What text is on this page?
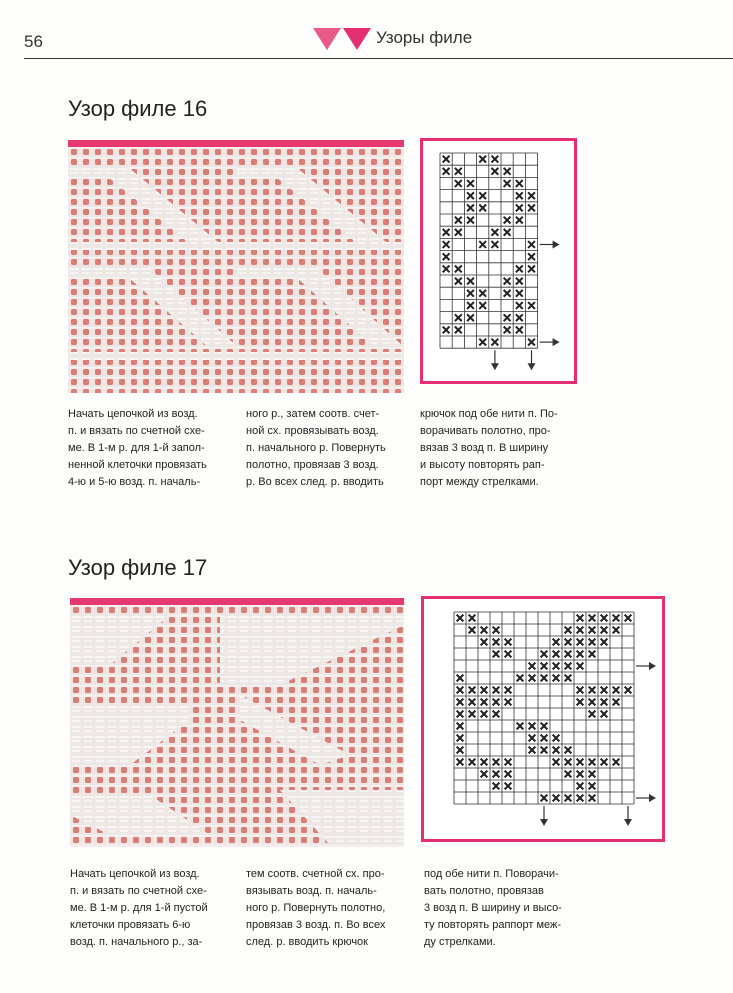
56	Узоры филе
Узор филе 16
Начать цепочкой из возд.
п. и вязать по счетной схе-
ме. В 1-м р. для 1-й запол-
ненной клеточки провязать
4-ю и 5-ю возд. п. началь-
ного р., затем соотв. счет-
ной сх. провязывать возд.
п. начального р. Повернуть
полотно, провязав 3 возд.
р. Во всех след. р. вводить
крючок под обе нити п. По-
ворачивать полотно, про-
вязав 3 возд п. В ширину
и высоту повторять рап-
порт между стрелками.
Узор филе 17
Начать цепочкой из возд.
п. и вязать по счетной схе-
ме. В 1-м р. для 1-й пустой
клеточки провязать 6-ю
возд. п. начального р., за-
тем соотв. счетной сх. про-
вязывать возд. п. началь-
ного р. Повернуть полотно,
провязав 3 возд. п. Во всех
след. р. вводить крючок
под обе нити п. Поворачи-
вать полотно, провязав
3 возд п. В ширину и высо-
ту повторять раппорт меж-
ду стрелками.
